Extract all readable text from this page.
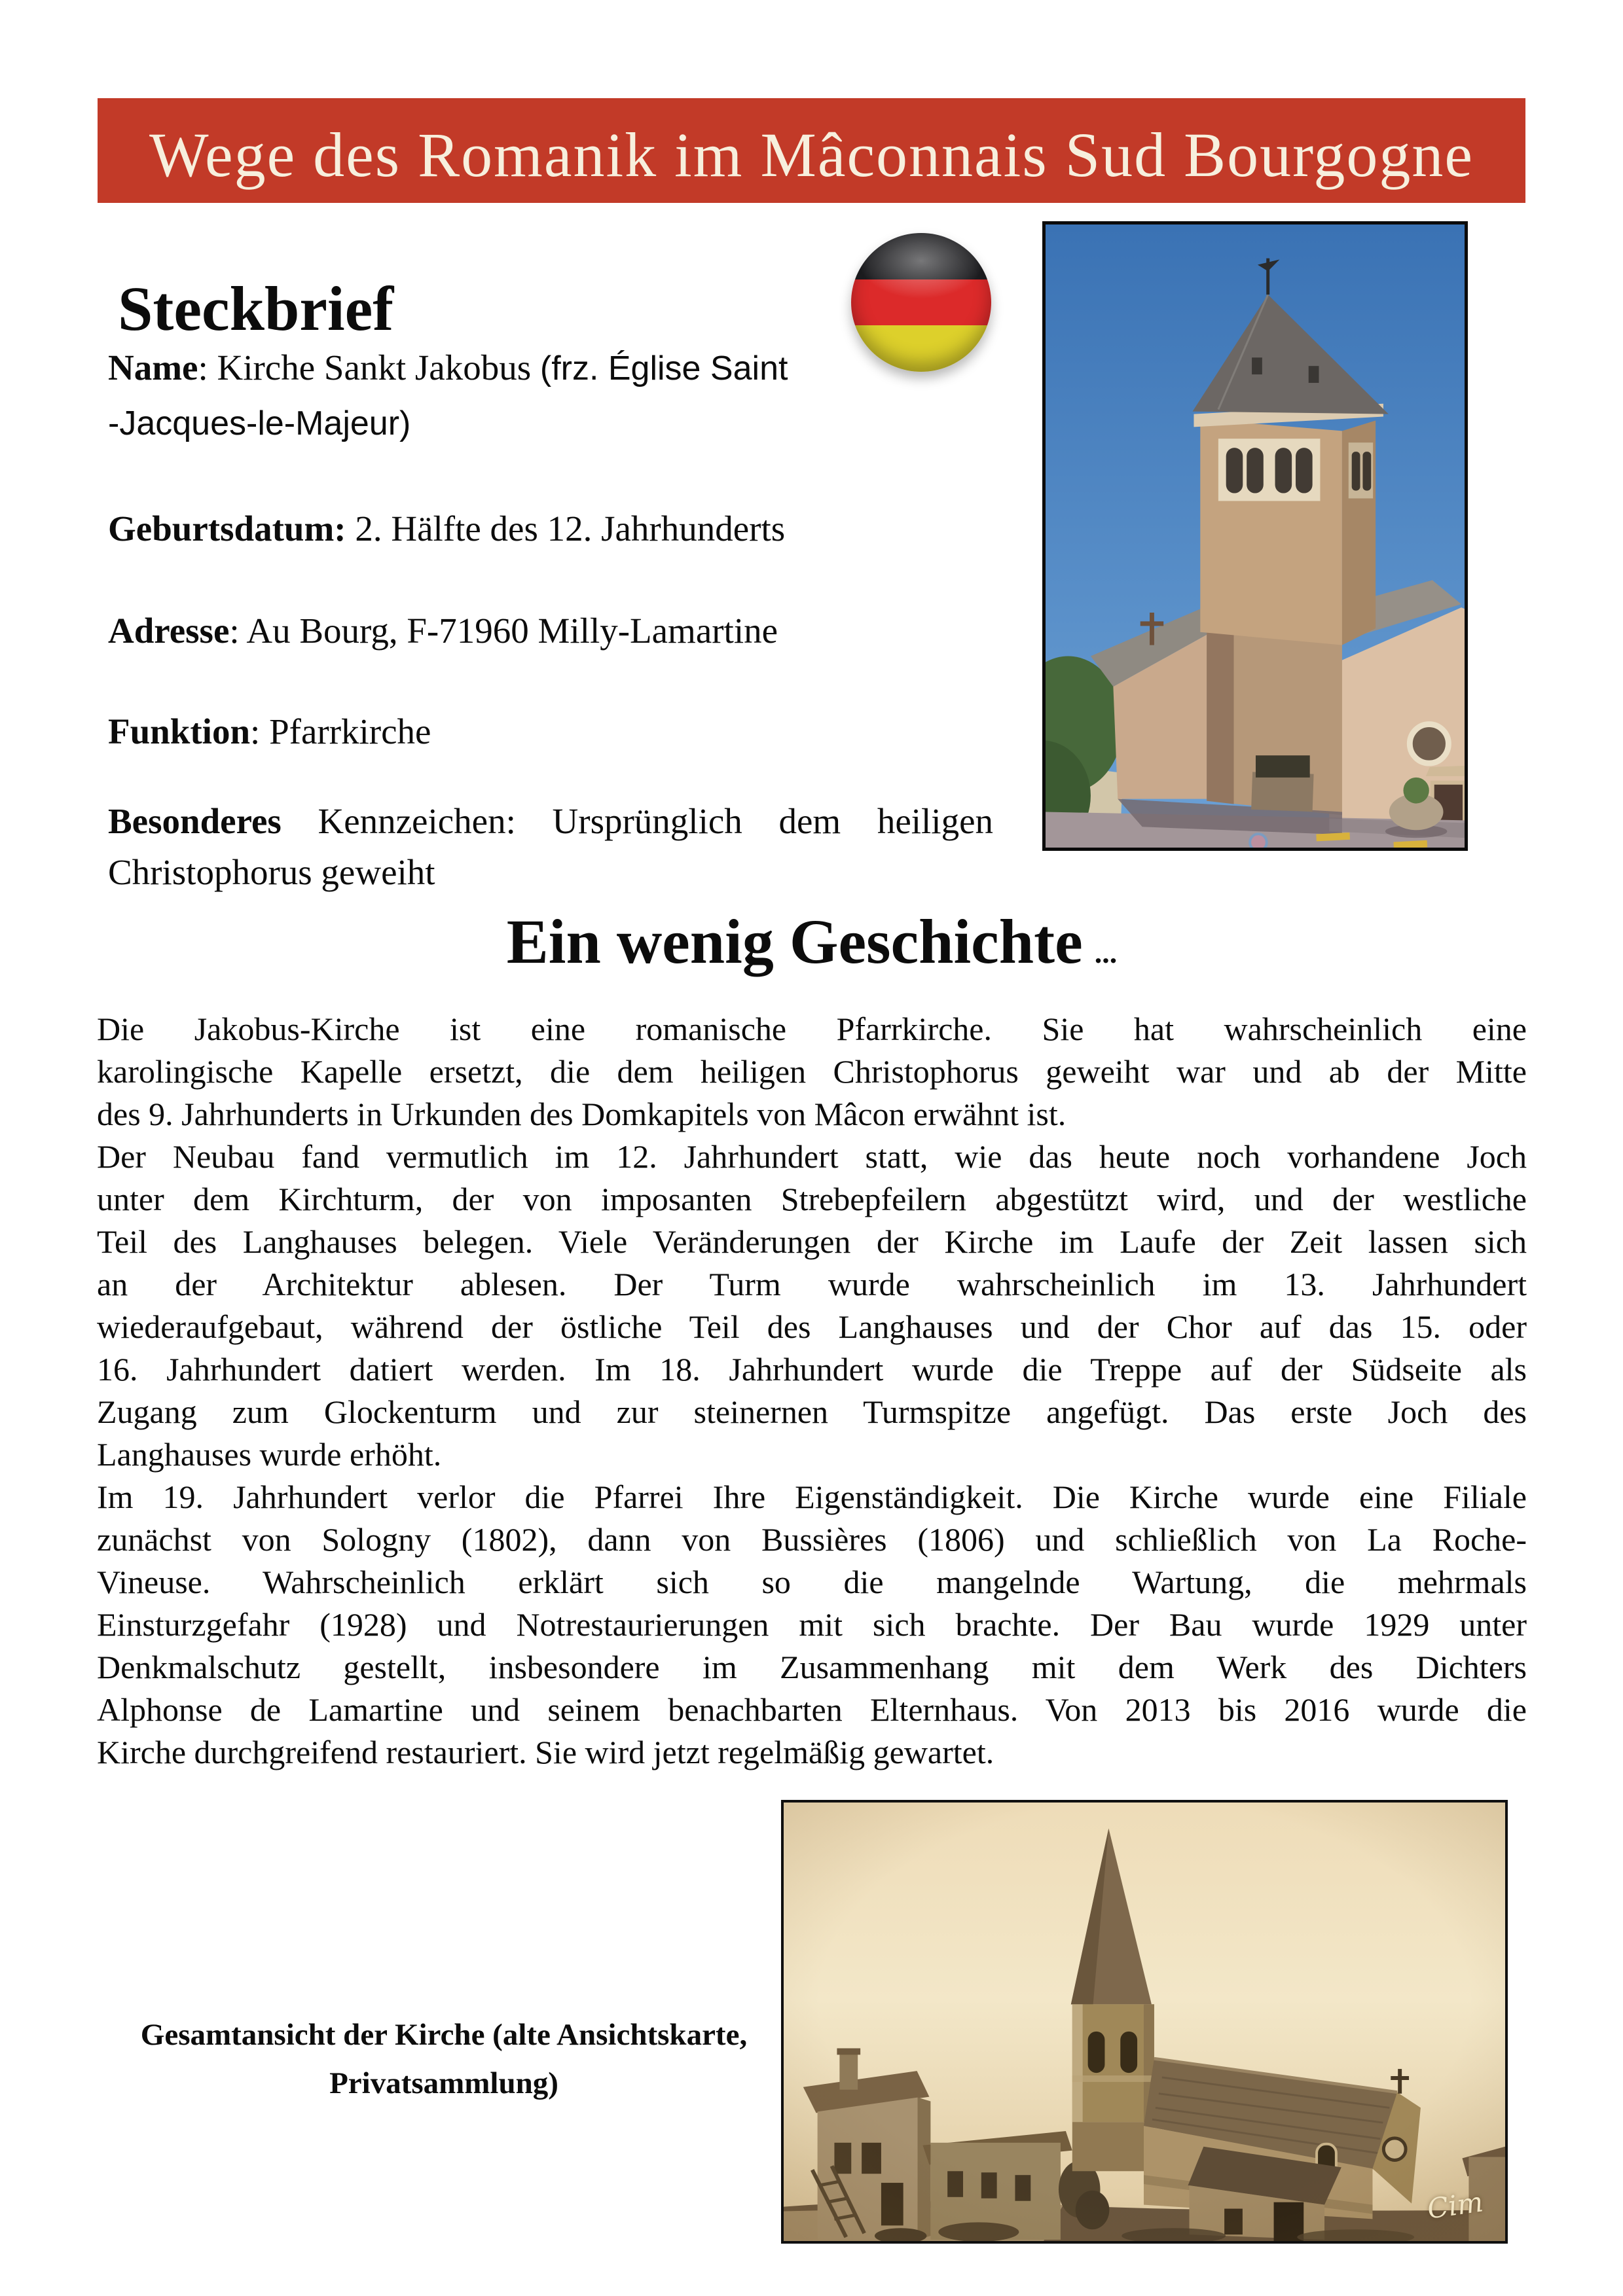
Wege des Romanik im Mâconnais Sud Bourgogne
Steckbrief
Name: Kirche Sankt Jakobus (frz. Église Saint
-Jacques-le-Majeur)
Geburtsdatum: 2. Hälfte des 12. Jahrhunderts
Adresse: Au Bourg, F-71960 Milly-Lamartine
Funktion: Pfarrkirche
Besonderes Kennzeichen: Ursprünglich dem heiligen
Christophorus geweiht
Ein wenig Geschichte ...
Die Jakobus-Kirche ist eine romanische Pfarrkirche. Sie hat wahrscheinlich eine
karolingische Kapelle ersetzt, die dem heiligen Christophorus geweiht war und ab der Mitte
des 9. Jahrhunderts in Urkunden des Domkapitels von Mâcon erwähnt ist.
Der Neubau fand vermutlich im 12. Jahrhundert statt, wie das heute noch vorhandene Joch
unter dem Kirchturm, der von imposanten Strebepfeilern abgestützt wird, und der westliche
Teil des Langhauses belegen. Viele Veränderungen der Kirche im Laufe der Zeit lassen sich
an der Architektur ablesen. Der Turm wurde wahrscheinlich im 13. Jahrhundert
wiederaufgebaut, während der östliche Teil des Langhauses und der Chor auf das 15. oder
16. Jahrhundert datiert werden. Im 18. Jahrhundert wurde die Treppe auf der Südseite als
Zugang zum Glockenturm und zur steinernen Turmspitze angefügt. Das erste Joch des
Langhauses wurde erhöht.
Im 19. Jahrhundert verlor die Pfarrei Ihre Eigenständigkeit. Die Kirche wurde eine Filiale
zunächst von Sologny (1802), dann von Bussières (1806) und schließlich von La Roche-
Vineuse. Wahrscheinlich erklärt sich so die mangelnde Wartung, die mehrmals
Einsturzgefahr (1928) und Notrestaurierungen mit sich brachte. Der Bau wurde 1929 unter
Denkmalschutz gestellt, insbesondere im Zusammenhang mit dem Werk des Dichters
Alphonse de Lamartine und seinem benachbarten Elternhaus. Von 2013 bis 2016 wurde die
Kirche durchgreifend restauriert. Sie wird jetzt regelmäßig gewartet.
Gesamtansicht der Kirche (alte Ansichtskarte,
Privatsammlung)
Cim
